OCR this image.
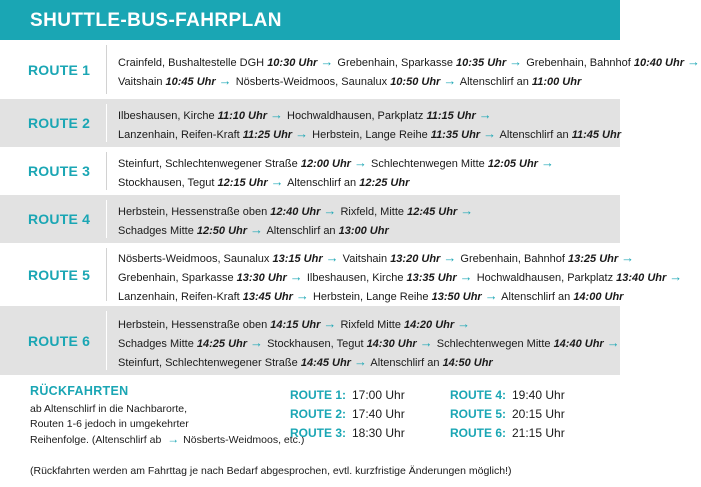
SHUTTLE-BUS-FAHRPLAN
ROUTE 1	Crainfeld, Bushaltestelle DGH 10:30 Uhr → Grebenhain, Sparkasse 10:35 Uhr → Grebenhain, Bahnhof 10:40 Uhr →
Vaitshain 10:45 Uhr → Nösberts-Weidmoos, Saunalux 10:50 Uhr → Altenschlirf an 11:00 Uhr
ROUTE 2	Ilbeshausen, Kirche 11:10 Uhr → Hochwaldhausen, Parkplatz 11:15 Uhr →
Lanzenhain, Reifen-Kraft 11:25 Uhr → Herbstein, Lange Reihe 11:35 Uhr → Altenschlirf an 11:45 Uhr
ROUTE 3	Steinfurt, Schlechtenwegener Straße 12:00 Uhr → Schlechtenwegen Mitte 12:05 Uhr →
Stockhausen, Tegut 12:15 Uhr → Altenschlirf an 12:25 Uhr
ROUTE 4	Herbstein, Hessenstraße oben 12:40 Uhr → Rixfeld, Mitte 12:45 Uhr →
Schadges Mitte 12:50 Uhr → Altenschlirf an 13:00 Uhr
ROUTE 5
Nösberts-Weidmoos, Saunalux 13:15 Uhr → Vaitshain 13:20 Uhr → Grebenhain, Bahnhof 13:25 Uhr →
Grebenhain, Sparkasse 13:30 Uhr → Ilbeshausen, Kirche 13:35 Uhr → Hochwaldhausen, Parkplatz 13:40 Uhr →
Lanzenhain, Reifen-Kraft 13:45 Uhr → Herbstein, Lange Reihe 13:50 Uhr → Altenschlirf an 14:00 Uhr
ROUTE 6
Herbstein, Hessenstraße oben 14:15 Uhr → Rixfeld Mitte 14:20 Uhr →
Schadges Mitte 14:25 Uhr → Stockhausen, Tegut 14:30 Uhr → Schlechtenwegen Mitte 14:40 Uhr →
Steinfurt, Schlechtenwegener Straße 14:45 Uhr → Altenschlirf an 14:50 Uhr
RÜCKFAHRTEN
ab Altenschlirf in die Nachbarorte,
Routen 1-6 jedoch in umgekehrter
Reihenfolge. (Altenschlirf ab → Nösberts-Weidmoos, etc.)
ROUTE 1: 17:00 Uhr
ROUTE 2: 17:40 Uhr
ROUTE 3: 18:30 Uhr
ROUTE 4: 19:40 Uhr
ROUTE 5: 20:15 Uhr
ROUTE 6: 21:15 Uhr
(Rückfahrten werden am Fahrttag je nach Bedarf abgesprochen, evtl. kurzfristige Änderungen möglich!)
